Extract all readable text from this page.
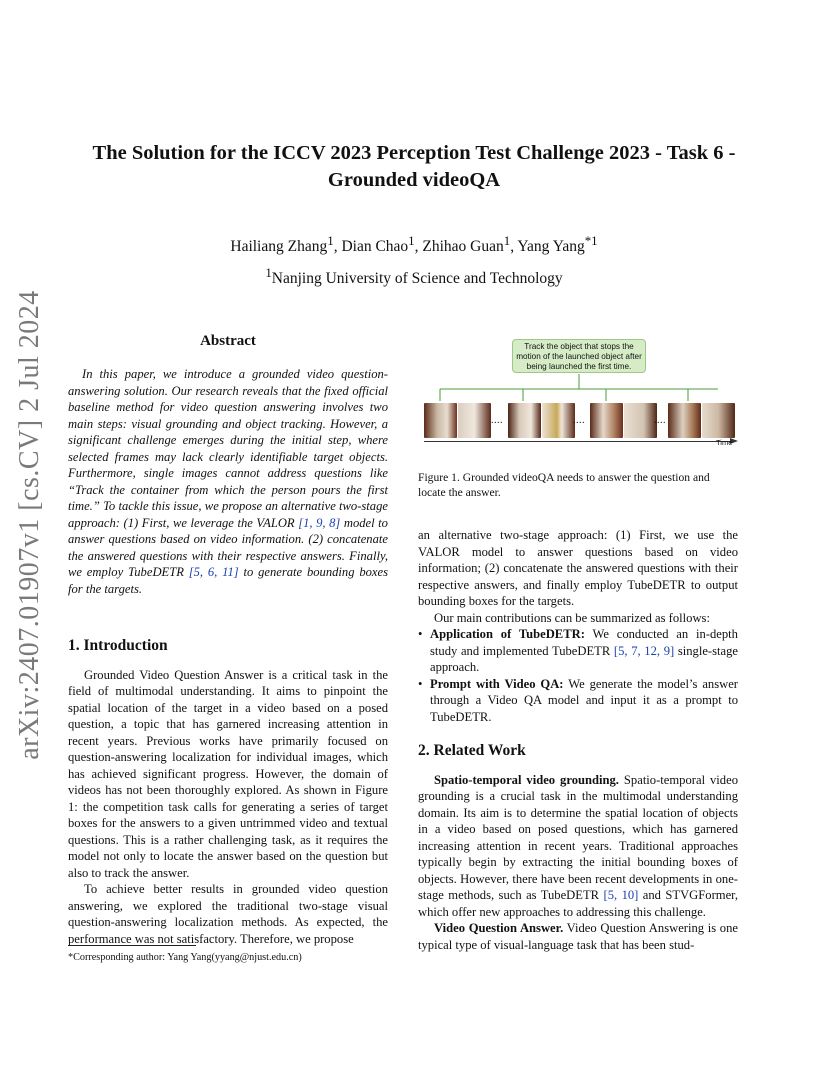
The Solution for the ICCV 2023 Perception Test Challenge 2023 - Task 6 - Grounded videoQA
Hailiang Zhang$^1$, Dian Chao$^1$, Zhihao Guan$^1$, Yang Yang$^{*1}$
$^1$Nanjing University of Science and Technology
arXiv:2407.01907v1 [cs.CV] 2 Jul 2024	Abstract
In this paper, we introduce a grounded video question-answering solution. Our research reveals that the fixed official baseline method for video question answering involves two main steps: visual grounding and object tracking. However, a significant challenge emerges during the initial step, where selected frames may lack clearly identifiable target objects. Furthermore, single images cannot address questions like “Track the container from which the person pours the first time.” To tackle this issue, we propose an alternative two-stage approach: (1) First, we leverage the VALOR [1, 9, 8] model to answer questions based on video information. (2) concatenate the answered questions with their respective answers. Finally, we employ TubeDETR [5, 6, 11] to generate bounding boxes for the targets.
1. Introduction

Grounded Video Question Answer is a critical task in the field of multimodal understanding. It aims to pinpoint the spatial location of the target in a video based on a posed question, a topic that has garnered increasing attention in recent years. Previous works have primarily focused on question-answering localization for individual images, which has achieved significant progress. However, the domain of videos has not been thoroughly explored. As shown in Figure 1: the competition task calls for generating a series of target boxes for the answers to a given untrimmed video and textual questions. This is a rather challenging task, as it requires the model not only to locate the answer based on the question but also to track the answer.

To achieve better results in grounded video question answering, we explored the traditional two-stage visual question-answering localization methods. As expected, the performance was not satisfactory. Therefore, we propose

*Corresponding author: Yang Yang(yyang@njust.edu.cn)
....	....	....
Track the object that stops the motion of the launched object after being launched the first time.
Time
Figure 1. Grounded videoQA needs to answer the question and locate the answer.

an alternative two-stage approach: (1) First, we use the VALOR model to answer questions based on video information; (2) concatenate the answered questions with their respective answers, and finally employ TubeDETR to output bounding boxes for the targets.

Our main contributions can be summarized as follows:

• Application of TubeDETR: We conducted an in-depth study and implemented TubeDETR [5, 7, 12, 9] single-stage approach.
• Prompt with Video QA: We generate the model’s answer through a Video QA model and input it as a prompt to TubeDETR.
2. Related Work

Spatio-temporal video grounding. Spatio-temporal video grounding is a crucial task in the multimodal understanding domain. Its aim is to determine the spatial location of objects in a video based on posed questions, which has garnered increasing attention in recent years. Traditional approaches typically begin by extracting the initial bounding boxes of objects. However, there have been recent developments in one-stage methods, such as TubeDETR [5, 10] and STVGFormer, which offer new approaches to addressing this challenge.

Video Question Answer. Video Question Answering is one typical type of visual-language task that has been stud-
